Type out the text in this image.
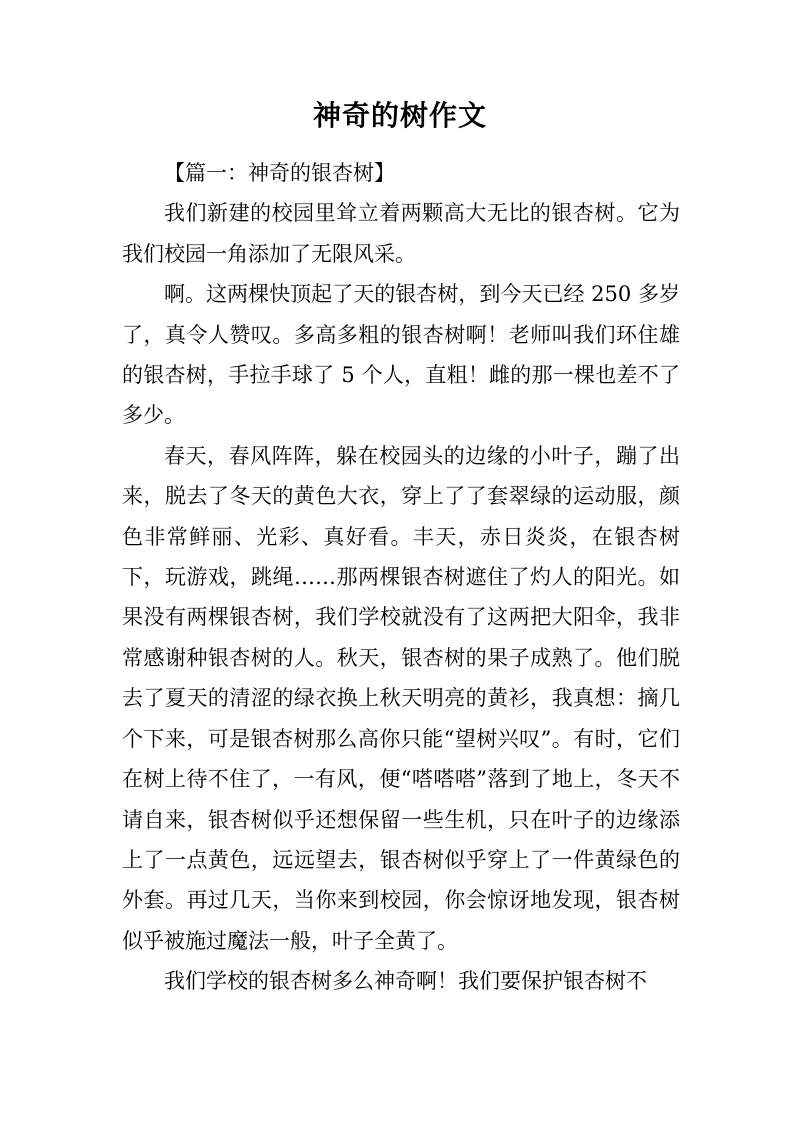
神奇的树作文

【篇一：神奇的银杏树】

我们新建的校园里耸立着两颗高大无比的银杏树。它为我们校园一角添加了无限风采。

啊。这两棵快顶起了天的银杏树，到今天已经 250 多岁了，真令人赞叹。多高多粗的银杏树啊！老师叫我们环住雄的银杏树，手拉手球了 5 个人，直粗！雌的那一棵也差不了多少。

春天，春风阵阵，躲在校园头的边缘的小叶子，蹦了出来，脱去了冬天的黄色大衣，穿上了了套翠绿的运动服，颜色非常鲜丽、光彩、真好看。丰天，赤日炎炎，在银杏树下，玩游戏，跳绳……那两棵银杏树遮住了灼人的阳光。如果没有两棵银杏树，我们学校就没有了这两把大阳伞，我非常感谢种银杏树的人。秋天，银杏树的果子成熟了。他们脱去了夏天的清涩的绿衣换上秋天明亮的黄衫，我真想：摘几个下来，可是银杏树那么高你只能“望树兴叹”。有时，它们在树上待不住了，一有风，便“嗒嗒嗒”落到了地上，冬天不请自来，银杏树似乎还想保留一些生机，只在叶子的边缘添上了一点黄色，远远望去，银杏树似乎穿上了一件黄绿色的外套。再过几天，当你来到校园，你会惊讶地发现，银杏树似乎被施过魔法一般，叶子全黄了。

我们学校的银杏树多么神奇啊！我们要保护银杏树不
